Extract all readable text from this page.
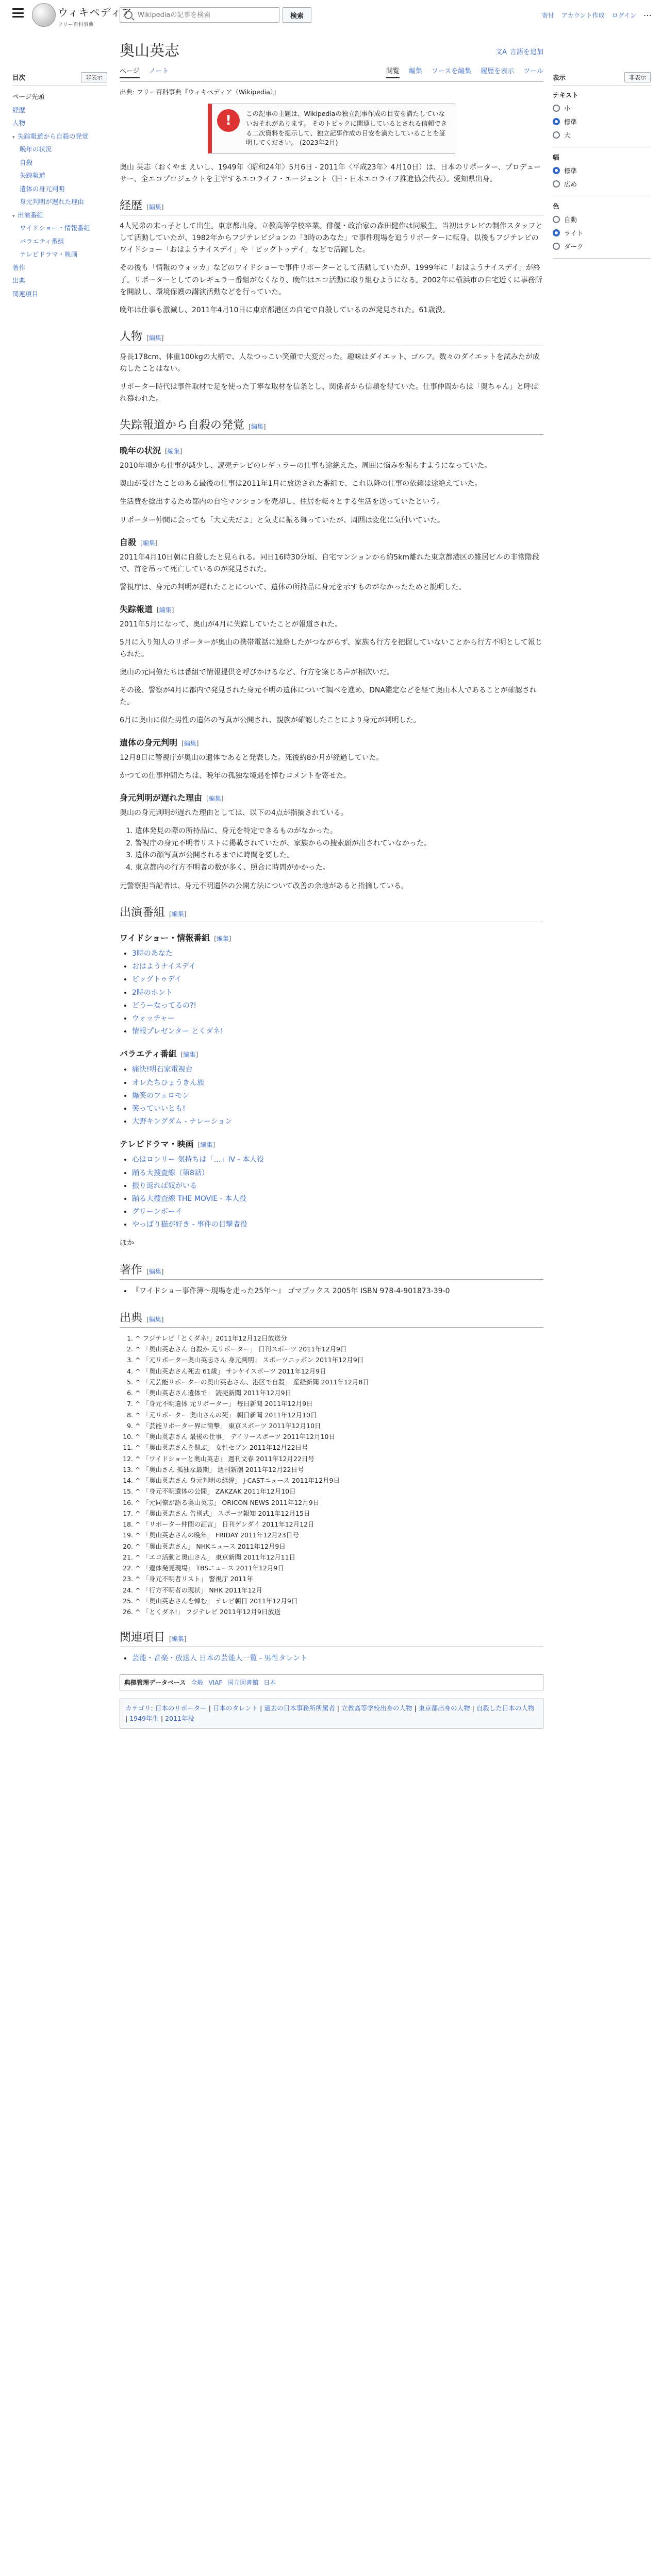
ウィキペディア
フリー百科事典
Wikipediaの記事を検索
検索	寄付 アカウント作成 ログイン ⋯
目次	非表示
ページ先頭
経歴
人物
▾ 失踪報道から自殺の発覚
晩年の状況
自殺
失踪報道
遺体の身元判明
身元判明が遅れた理由
▾ 出演番組
ワイドショー・情報番組
バラエティ番組
テレビドラマ・映画
著作
出典
関連項目
表示	非表示
テキスト
小
標準
大
幅
標準
広め
色
自動
ライト
ダーク
奥山英志	文A 言語を追加
ページ ノート	閲覧 編集 ソースを編集 履歴を表示 ツール
出典: フリー百科事典『ウィキペディア（Wikipedia）』
!	この記事の主題は、Wikipediaの独立記事作成の目安を満たしていないおそれがあります。 そのトピックに関連しているとされる信頼できる二次資料を提示して、独立記事作成の目安を満たしていることを証明してください。 (2023年2月)

奥山 英志（おくやま えいし、1949年〈昭和24年〉5月6日 - 2011年〈平成23年〉4月10日）は、日本のリポーター、プロデューサー、全エコプロジェクトを主宰するエコライフ・エージェント（旧・日本エコライフ推進協会代表）。愛知県出身。

経歴 [編集]

4人兄弟の末っ子として出生。東京都出身。立教高等学校卒業。俳優・政治家の森田健作は同級生。当初はテレビの制作スタッフとして活動していたが、1982年からフジテレビジョンの「3時のあなた」で事件現場を追うリポーターに転身。以後もフジテレビのワイドショー「おはようナイスデイ」や「ビッグトゥデイ」などで活躍した。

その後も「情報のウォッカ」などのワイドショーで事件リポーターとして活動していたが、1999年に「おはようナイスデイ」が終了。リポーターとしてのレギュラー番組がなくなり、晩年はエコ活動に取り組むようになる。2002年に横浜市の自宅近くに事務所を開設し、環境保護の講演活動などを行っていた。

晩年は仕事も激減し、2011年4月10日に東京都港区の自宅で自殺しているのが発見された。61歳没。

人物 [編集]

身長178cm、体重100kgの大柄で、人なつっこい笑顔で大変だった。趣味はダイエット、ゴルフ。数々のダイエットを試みたが成功したことはない。

リポーター時代は事件取材で足を使った丁寧な取材を信条とし、関係者から信頼を得ていた。仕事仲間からは「奥ちゃん」と呼ばれ慕われた。

失踪報道から自殺の発覚 [編集]
晩年の状況 [編集]

2010年頃から仕事が減少し、読売テレビのレギュラーの仕事も途絶えた。周囲に悩みを漏らすようになっていた。

奥山が受けたことのある最後の仕事は2011年1月に放送された番組で、これ以降の仕事の依頼は途絶えていた。

生活費を捻出するため都内の自宅マンションを売却し、住居を転々とする生活を送っていたという。

リポーター仲間に会っても「大丈夫だよ」と気丈に振る舞っていたが、周囲は変化に気付いていた。

自殺 [編集]

2011年4月10日朝に自殺したと見られる。同日16時30分頃、自宅マンションから約5km離れた東京都港区の雑居ビルの非常階段で、首を吊って死亡しているのが発見された。

警視庁は、身元の判明が遅れたことについて、遺体の所持品に身元を示すものがなかったためと説明した。

失踪報道 [編集]

2011年5月になって、奥山が4月に失踪していたことが報道された。

5月に入り知人のリポーターが奥山の携帯電話に連絡したがつながらず、家族も行方を把握していないことから行方不明として報じられた。

奥山の元同僚たちは番組で情報提供を呼びかけるなど、行方を案じる声が相次いだ。

その後、警察が4月に都内で発見された身元不明の遺体について調べを進め、DNA鑑定などを経て奥山本人であることが確認された。

6月に奥山に似た男性の遺体の写真が公開され、親族が確認したことにより身元が判明した。

遺体の身元判明 [編集]

12月8日に警視庁が奥山の遺体であると発表した。死後約8か月が経過していた。

かつての仕事仲間たちは、晩年の孤独な境遇を悼むコメントを寄せた。

身元判明が遅れた理由 [編集]

奥山の身元判明が遅れた理由としては、以下の4点が指摘されている。

1. 遺体発見の際の所持品に、身元を特定できるものがなかった。
2. 警視庁の身元不明者リストに掲載されていたが、家族からの捜索願が出されていなかった。
3. 遺体の顔写真が公開されるまでに時間を要した。
4. 東京都内の行方不明者の数が多く、照合に時間がかかった。

元警察担当記者は、身元不明遺体の公開方法について改善の余地があると指摘している。

出演番組 [編集]
ワイドショー・情報番組 [編集]
• 3時のあなた
• おはようナイスデイ
• ビッグトゥデイ
• 2時のホント
• どうーなってるの?!
• ウォッチャー
• 情報プレゼンター とくダネ!
バラエティ番組 [編集]
• 痛快!明石家電視台
• オレたちひょうきん族
• 爆笑のフェロモン
• 笑っていいとも!
• 大野キングダム - ナレーション
テレビドラマ・映画 [編集]
• 心はロンリー 気持ちは「…」IV - 本人役
• 踊る大捜査線（第8話）
• 振り返れば奴がいる
• 踊る大捜査線 THE MOVIE - 本人役
• グリーンボーイ
• やっぱり猫が好き - 事件の目撃者役

ほか

著作 [編集]
• 『ワイドショー事件簿〜現場を走った25年〜』 ゴマブックス 2005年 ISBN 978-4-901873-39-0
出典 [編集]
1. ^ フジテレビ「とくダネ!」2011年12月12日放送分
2. ^ 「奥山英志さん 自殺か 元リポーター」 日刊スポーツ 2011年12月9日
3. ^ 「元リポーター奥山英志さん 身元判明」 スポーツニッポン 2011年12月9日
4. ^ 「奥山英志さん死去 61歳」 サンケイスポーツ 2011年12月9日
5. ^ 「元芸能リポーターの奥山英志さん、港区で自殺」 産経新聞 2011年12月8日
6. ^ 「奥山英志さん遺体で」 読売新聞 2011年12月9日
7. ^ 「身元不明遺体 元リポーター」 毎日新聞 2011年12月9日
8. ^ 「元リポーター 奥山さんの死」 朝日新聞 2011年12月10日
9. ^ 「芸能リポーター界に衝撃」 東京スポーツ 2011年12月10日
10. ^ 「奥山英志さん 最後の仕事」 デイリースポーツ 2011年12月10日
11. ^ 「奥山英志さんを偲ぶ」 女性セブン 2011年12月22日号
12. ^ 「ワイドショーと奥山英志」 週刊文春 2011年12月22日号
13. ^ 「奥山さん 孤独な最期」 週刊新潮 2011年12月22日号
14. ^ 「奥山英志さん 身元判明の経緯」 J-CASTニュース 2011年12月9日
15. ^ 「身元不明遺体の公開」 ZAKZAK 2011年12月10日
16. ^ 「元同僚が語る奥山英志」 ORICON NEWS 2011年12月9日
17. ^ 「奥山英志さん 告別式」 スポーツ報知 2011年12月15日
18. ^ 「リポーター仲間の証言」 日刊ゲンダイ 2011年12月12日
19. ^ 「奥山英志さんの晩年」 FRIDAY 2011年12月23日号
20. ^ 「奥山英志さん」 NHKニュース 2011年12月9日
21. ^ 「エコ活動と奥山さん」 東京新聞 2011年12月11日
22. ^ 「遺体発見現場」 TBSニュース 2011年12月9日
23. ^ 「身元不明者リスト」 警視庁 2011年
24. ^ 「行方不明者の現状」 NHK 2011年12月
25. ^ 「奥山英志さんを悼む」 テレビ朝日 2011年12月9日
26. ^ 「とくダネ!」 フジテレビ 2011年12月9日放送
関連項目 [編集]
• 芸能・音楽・放送人 日本の芸能人一覧 - 男性タレント
典拠管理データベース 全般 VIAF 国立図書館 日本
カテゴリ: 日本のリポーター | 日本のタレント | 過去の日本事務所所属者 | 立教高等学校出身の人物 | 東京都出身の人物 | 自殺した日本の人物 | 1949年生 | 2011年没
